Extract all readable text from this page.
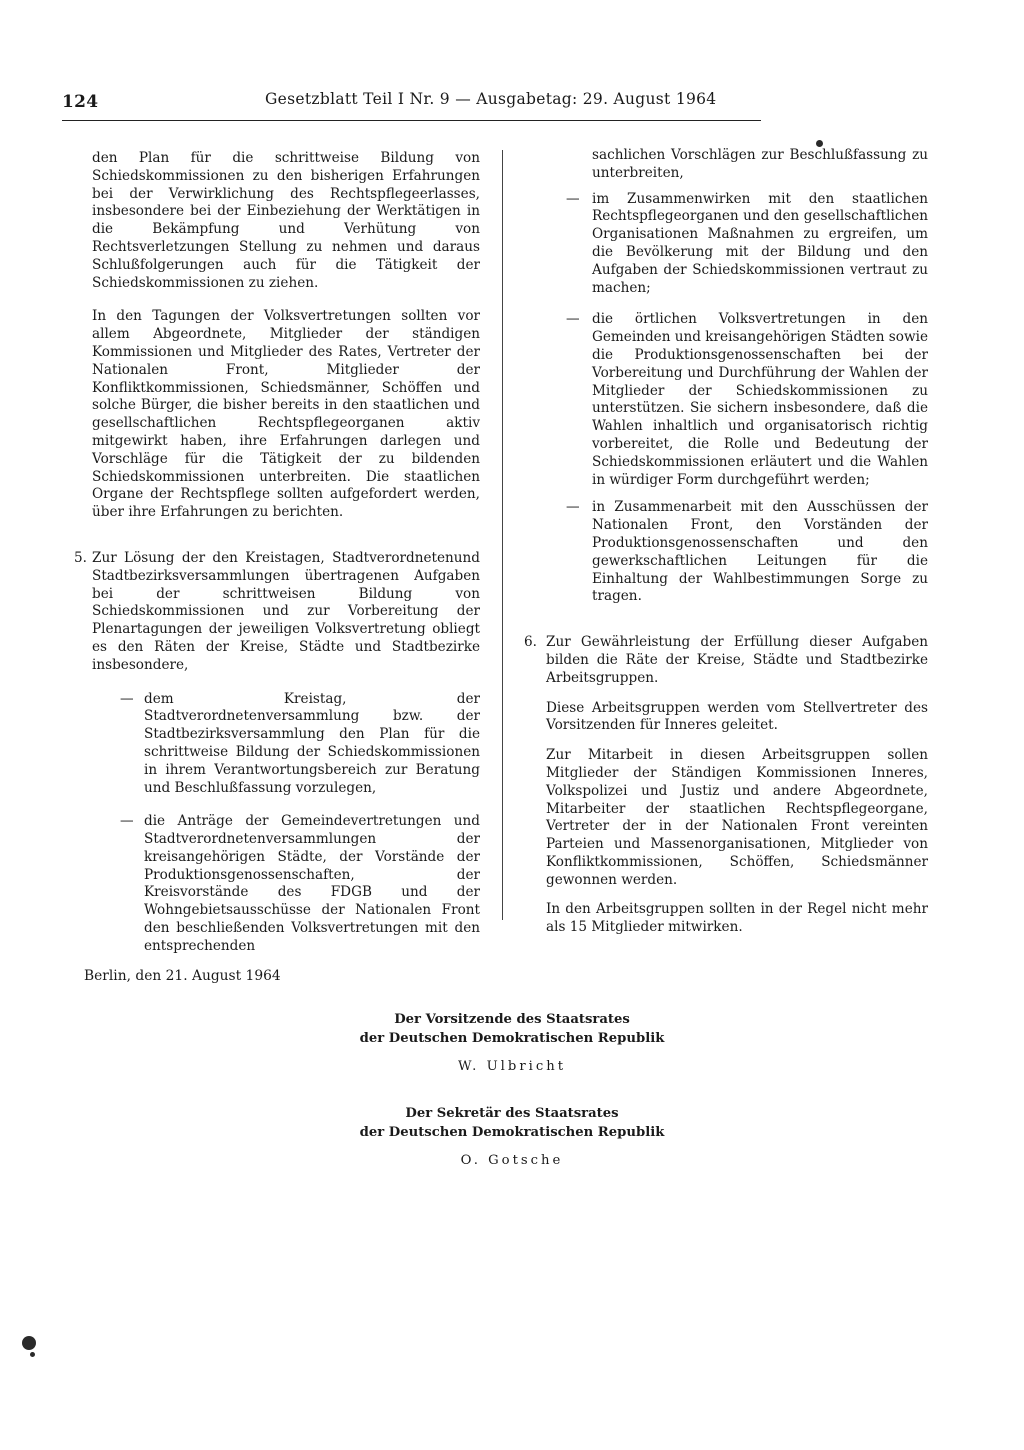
124	Gesetzblatt Teil I Nr. 9 — Ausgabetag: 29. August 1964

den Plan für die schrittweise Bildung von Schiedskommissionen zu den bisherigen Erfahrungen bei der Verwirklichung des Rechtspflegeerlasses, insbesondere bei der Einbeziehung der Werktätigen in die Bekämpfung und Verhütung von Rechtsverletzungen Stellung zu nehmen und daraus Schlußfolgerungen auch für die Tätigkeit der Schiedskommissionen zu ziehen.

In den Tagungen der Volksvertretungen sollten vor allem Abgeordnete, Mitglieder der ständigen Kommissionen und Mitglieder des Rates, Vertreter der Nationalen Front, Mitglieder der Konfliktkommissionen, Schiedsmänner, Schöffen und solche Bürger, die bisher bereits in den staatlichen und gesellschaftlichen Rechtspflegeorganen aktiv mitgewirkt haben, ihre Erfahrungen darlegen und Vorschläge für die Tätigkeit der zu bildenden Schiedskommissionen unterbreiten. Die staatlichen Organe der Rechtspflege sollten aufgefordert werden, über ihre Erfahrungen zu berichten.

5. Zur Lösung der den Kreistagen, Stadtverordnetenund Stadtbezirksversammlungen übertragenen Aufgaben bei der schrittweisen Bildung von Schiedskommissionen und zur Vorbereitung der Plenartagungen der jeweiligen Volksvertretung obliegt es den Räten der Kreise, Städte und Stadtbezirke insbesondere,

— dem Kreistag, der Stadtverordnetenversammlung bzw. der Stadtbezirksversammlung den Plan für die schrittweise Bildung der Schiedskommissionen in ihrem Verantwortungsbereich zur Beratung und Beschlußfassung vorzulegen,

— die Anträge der Gemeindevertretungen und Stadtverordnetenversammlungen der kreisangehörigen Städte, der Vorstände der Produktionsgenossenschaften, der Kreisvorstände des FDGB und der Wohngebietsausschüsse der Nationalen Front den beschließenden Volksvertretungen mit den entsprechenden

sachlichen Vorschlägen zur Beschlußfassung zu unterbreiten,

— im Zusammenwirken mit den staatlichen Rechtspflegeorganen und den gesellschaftlichen Organisationen Maßnahmen zu ergreifen, um die Bevölkerung mit der Bildung und den Aufgaben der Schiedskommissionen vertraut zu machen;

— die örtlichen Volksvertretungen in den Gemeinden und kreisangehörigen Städten sowie die Produktionsgenossenschaften bei der Vorbereitung und Durchführung der Wahlen der Mitglieder der Schiedskommissionen zu unterstützen. Sie sichern insbesondere, daß die Wahlen inhaltlich und organisatorisch richtig vorbereitet, die Rolle und Bedeutung der Schiedskommissionen erläutert und die Wahlen in würdiger Form durchgeführt werden;

— in Zusammenarbeit mit den Ausschüssen der Nationalen Front, den Vorständen der Produktionsgenossenschaften und den gewerkschaftlichen Leitungen für die Einhaltung der Wahlbestimmungen Sorge zu tragen.

6. Zur Gewährleistung der Erfüllung dieser Aufgaben bilden die Räte der Kreise, Städte und Stadtbezirke Arbeitsgruppen.

Diese Arbeitsgruppen werden vom Stellvertreter des Vorsitzenden für Inneres geleitet.

Zur Mitarbeit in diesen Arbeitsgruppen sollen Mitglieder der Ständigen Kommissionen Inneres, Volkspolizei und Justiz und andere Abgeordnete, Mitarbeiter der staatlichen Rechtspflegeorgane, Vertreter der in der Nationalen Front vereinten Parteien und Massenorganisationen, Mitglieder von Konfliktkommissionen, Schöffen, Schiedsmänner gewonnen werden.

In den Arbeitsgruppen sollten in der Regel nicht mehr als 15 Mitglieder mitwirken.

Berlin, den 21. August 1964
Der Vorsitzende des Staatsrates
der Deutschen Demokratischen Republik
W. Ulbricht
Der Sekretär des Staatsrates
der Deutschen Demokratischen Republik
O. Gotsche
